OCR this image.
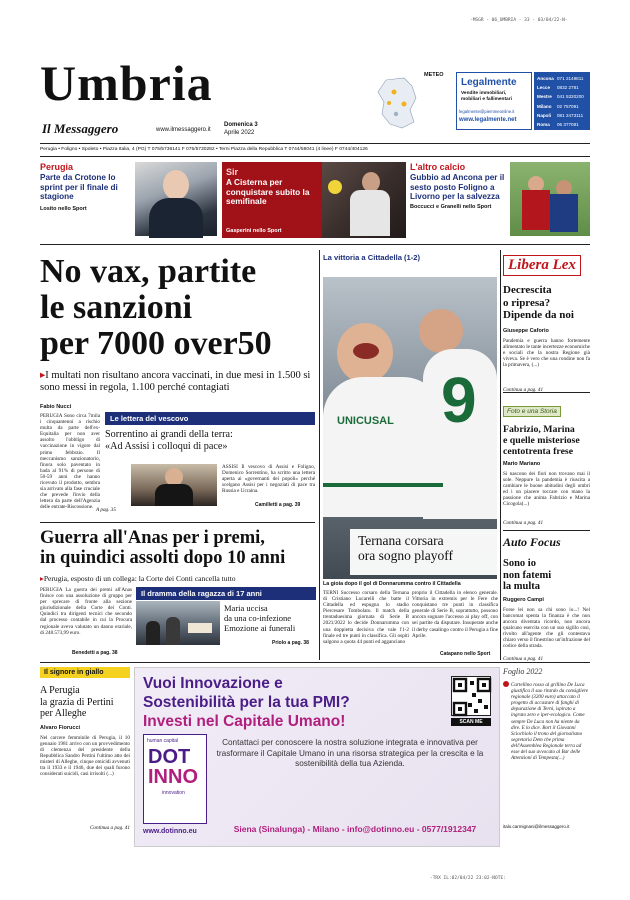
-MSGR - 06_UMBRIA - 33 - 03/04/22-N-
Umbria
Il Messaggero	www.ilmessaggero.it
Domenica 3
Aprile 2022
METEO
Legalmente
Vendite immobiliari,
mobiliari e fallimentari
legalmente@piemmeonline.it
www.legalmente.net
Ancona
Lecce
Mestre
Milano
Napoli
Roma
071 2149811
0832 2781
041 5320200
02 757091
081 2473111
06 377081
Perugia • Foligno • Spoleto • Piazza Italia, 4 (PG) T 075/5736141 F 075/5730282 • Terni Piazza della Repubblica T 0744/58041 (4 linee) F 0744/404126
Perugia
Parte da Crotone lo sprint per il finale di stagione
Losito nello Sport
Sir
A Cisterna per conquistare subito la semifinale
Gasperini nello Sport
L'altro calcio
Gubbio ad Ancona per il sesto posto Foligno a Livorno per la salvezza
Boccucci e Granelli nello Sport
No vax, partite
le sanzioni
per 7000 over50
▸I multati non risultano ancora vaccinati, in due mesi in 1.500 si sono messi in regola, 1.100 perché contagiati
Fabio Nucci
PERUGIA Sono circa 7mila i cinquantenni a rischio multa da parte dell'ex-Equitalia per non aver assolto l'obbligo di vaccinazione in vigore dal primo febbraio. Il meccanismo sanzionatorio, finora solo paventato in bada al 91% di persone di 50-59 anni che hanno ricevuto il prodotto, sembra sia arrivato alla fase cruciale che prevede l'invio della lettera da parte dell'Agenzia delle entrate-Riscossione. A pag. 35
Le lettera del vescovo
Sorrentino ai grandi della terra:
«Ad Assisi i colloqui di pace»
ASSISI Il vescovo di Assisi e Foligno, Domenico Sorrentino, ha scritto una lettera aperta ai «governanti dei popoli» perché scelgano Assisi per i negoziati di pace tra Russia e Ucraina.
Camilletti a pag. 39
Guerra all'Anas per i premi,
in quindici assolti dopo 10 anni
▸Perugia, esposto di un collega: la Corte dei Conti cancella tutto
PERUGIA La guerra dei premi all'Anas finisce con una assoluzione di gruppo per per sprecare di fronte alla sezione giurisdizionale della Corte dei Conti. Quindici tra dirigenti tecnici che secondo dal processo contabile in cui la Procura regionale aveva valutato un danno erariale, di 248.573,99 euro.
Benedetti a pag. 38
Il dramma della ragazza di 17 anni
Maria uccisa
da una co-infezione
Emozione ai funerali
Priolo a pag. 38
La vittoria a Cittadella (1-2)
9
UNICUSAL
Ternana corsara
ora sogno playoff
La gioia dopo il gol di Donnarumma contro il Cittadella
TERNI Successo corsaro della Ternana di Cristiano Lucarelli che batte il Cittadella ed espugna lo stadio Piercesare Tombolato. Il match della trentaduesima giornata di Serie B 2021/2022 lo decide Donnarumma con una doppietta decisiva che vale l'1-2 finale ed tre punti in classifica. Gli ospiti salgono a quota 44 punti ed agganciano
proprio il Cittadella in elenco generale. Vittoria in extremis per le Fere che conquistano tre punti in classifica generale di Serie B, soprattutto, possono ancora sognare l'accesso ai play off, con sei partite da disputare. Insuperate anche il derby casalingo contro il Perugia a fine Aprile.
Catapano nello Sport
Libera Lex
Decrescita
o ripresa?
Dipende da noi
Giuseppe Caforio
Pandemia e guerra hanno fortemente alimentato le tante incertezze economiche e sociali che la nostra Regione già viveva. Se è vero che una rondine non fa la primavera, (...)
Continua a pag. 41
Foto e una Storia
Fabrizio, Marina
e quelle misteriose
centotrenta frese
Mario Mariano
Si nascono dei fiori non trovano mai il sole. Neppure la pandemia è riuscita a cambiare le buone abitudini degli umbri ed i un piacere toccare con mano la passione che anima Fabrizio e Marina Cicogola(...)
Continua a pag. 41
Auto Focus
Sono io
non fatemi
la multa
Ruggero Campi
Forse lei non sa chi sono io...! Nel bancomat spenta la finanza è che non ancora diventata ricordo, non ancora qualcuno esercita con un suo sigillo cosi, rivolto all'agente che gli contestava chiaro verso il finestrino un'infrazione del codice della strada.
Continua a pag. 41
Il signore in giallo
A Perugia
la grazia di Pertini
per Alleghe
Alvaro Fiorucci
Nel carcere femminile di Perugia, il 10 gennaio 1981 arrivo con un provvedimento di clemenza del presidente della Repubblica Sandro Pertini l'ultimo atto dei misteri di Alleghe, cinque omicidi avvenuti tra il 1933 e il 1946, due dei quali furono considerati suicidi, casi irrisolti (...)
Continua a pag. 41
Vuoi Innovazione e
Sostenibilità per la tua PMI?
Investi nel Capitale Umano!	SCAN ME
human capital
DOT
INNO
innovation
www.dotinno.eu
Contattaci per conoscere la nostra soluzione integrata e innovativa per trasformare il Capitale Umano in una risorsa strategica per la crescita e la sostenibilità della tua Azienda.
Siena (Sinalunga) - Milano - info@dotinno.eu - 0577/1912347
Foglio 2022
Cartellino rosso al grillino De Luca giustifica il suo ritardo da consigliere regionale (3200 euro) attaccato il progetto di accastare di fanghi di depurazione di Terni, ispirato a ingrato zero e iper-ecologico. Come sempre De Luca non ha niente da dire. E lo dice. Bort il Giovanni Sciochiolo il trono del giornalismo segretaria Dem che prima dell'Assemblea Regionale terra ad esse del suo avvocato al Bar delle Attenzioni di Tempesta(...)
italo.carmignani@ilmessaggero.it
-TRX IL:02/04/22 23:02-NOTE:
